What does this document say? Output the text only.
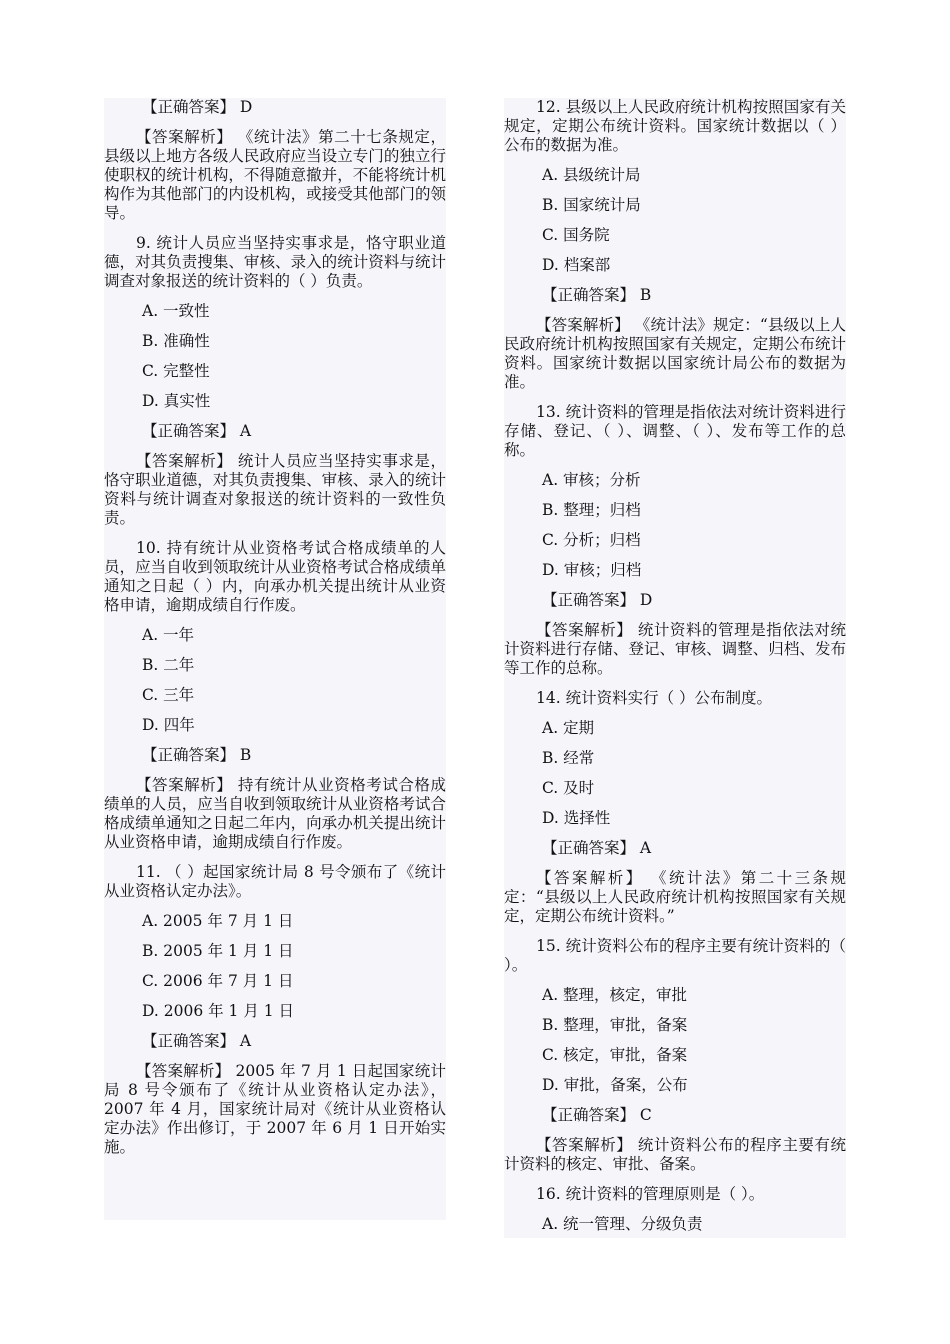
【正确答案】 D
【答案解析】 《统计法》第二十七条规定，县级以上地方各级人民政府应当设立专门的独立行使职权的统计机构，不得随意撤并，不能将统计机构作为其他部门的内设机构，或接受其他部门的领导。
9. 统计人员应当坚持实事求是，恪守职业道德，对其负责搜集、审核、录入的统计资料与统计调查对象报送的统计资料的（ ）负责。
A. 一致性
B. 准确性
C. 完整性
D. 真实性
【正确答案】 A
【答案解析】 统计人员应当坚持实事求是，恪守职业道德，对其负责搜集、审核、录入的统计资料与统计调查对象报送的统计资料的一致性负责。
10. 持有统计从业资格考试合格成绩单的人员，应当自收到领取统计从业资格考试合格成绩单通知之日起（ ）内，向承办机关提出统计从业资格申请，逾期成绩自行作废。
A. 一年
B. 二年
C. 三年
D. 四年
【正确答案】 B
【答案解析】 持有统计从业资格考试合格成绩单的人员，应当自收到领取统计从业资格考试合格成绩单通知之日起二年内，向承办机关提出统计从业资格申请，逾期成绩自行作废。
11. （ ）起国家统计局 8 号令颁布了《统计从业资格认定办法》。
A. 2005 年 7 月 1 日
B. 2005 年 1 月 1 日
C. 2006 年 7 月 1 日
D. 2006 年 1 月 1 日
【正确答案】 A
【答案解析】 2005 年 7 月 1 日起国家统计局 8 号令颁布了《统计从业资格认定办法》，2007 年 4 月，国家统计局对《统计从业资格认定办法》作出修订，于 2007 年 6 月 1 日开始实施。
12. 县级以上人民政府统计机构按照国家有关规定，定期公布统计资料。国家统计数据以（ ）公布的数据为准。
A. 县级统计局
B. 国家统计局
C. 国务院
D. 档案部
【正确答案】 B
【答案解析】 《统计法》规定：“县级以上人民政府统计机构按照国家有关规定，定期公布统计资料。国家统计数据以国家统计局公布的数据为准。
13. 统计资料的管理是指依法对统计资料进行存储、登记、（ ）、调整、（ ）、发布等工作的总称。
A. 审核；分析
B. 整理；归档
C. 分析；归档
D. 审核；归档
【正确答案】 D
【答案解析】 统计资料的管理是指依法对统计资料进行存储、登记、审核、调整、归档、发布等工作的总称。
14. 统计资料实行（ ）公布制度。
A. 定期
B. 经常
C. 及时
D. 选择性
【正确答案】 A
【答案解析】 《统计法》第二十三条规定：“县级以上人民政府统计机构按照国家有关规定，定期公布统计资料。”
15. 统计资料公布的程序主要有统计资料的（ ）。
A. 整理，核定，审批
B. 整理，审批，备案
C. 核定，审批，备案
D. 审批，备案，公布
【正确答案】 C
【答案解析】 统计资料公布的程序主要有统计资料的核定、审批、备案。
16. 统计资料的管理原则是（ ）。
A. 统一管理、分级负责
